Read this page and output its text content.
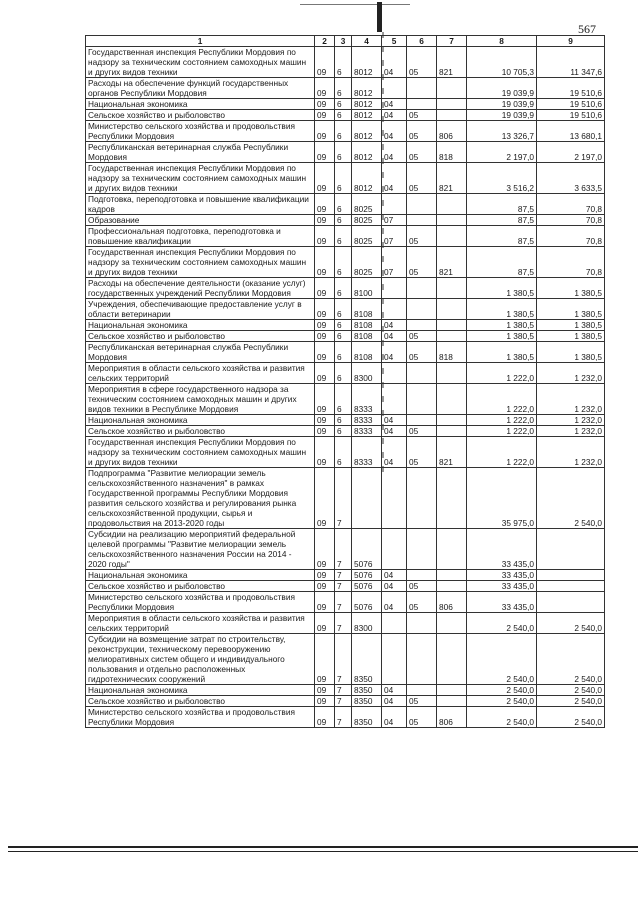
567
1	2	3	4	5	6	7	8	9
Государственная инспекция Республики Мордовия по надзору за техническим состоянием самоходных машин и других видов техники	09	6	8012	04	05	821	10 705,3	11 347,6
Расходы на обеспечение функций государственных органов Республики Мордовия	09	6	8012				19 039,9	19 510,6
Национальная экономика	09	6	8012	04			19 039,9	19 510,6
Сельское хозяйство и рыболовство	09	6	8012	04	05		19 039,9	19 510,6
Министерство сельского хозяйства и продовольствия Республики Мордовия	09	6	8012	04	05	806	13 326,7	13 680,1
Республиканская ветеринарная служба Республики Мордовия	09	6	8012	04	05	818	2 197,0	2 197,0
Государственная инспекция Республики Мордовия по надзору за техническим состоянием самоходных машин и других видов техники	09	6	8012	04	05	821	3 516,2	3 633,5
Подготовка, переподготовка и повышение квалификации кадров	09	6	8025				87,5	70,8
Образование	09	6	8025	07			87,5	70,8
Профессиональная подготовка, переподготовка и повышение квалификации	09	6	8025	07	05		87,5	70,8
Государственная инспекция Республики Мордовия по надзору за техническим состоянием самоходных машин и других видов техники	09	6	8025	07	05	821	87,5	70,8
Расходы на обеспечение деятельности (оказание услуг) государственных учреждений Республики Мордовия	09	6	8100				1 380,5	1 380,5
Учреждения, обеспечивающие предоставление услуг в области ветеринарии	09	6	8108				1 380,5	1 380,5
Национальная экономика	09	6	8108	04			1 380,5	1 380,5
Сельское хозяйство и рыболовство	09	6	8108	04	05		1 380,5	1 380,5
Республиканская ветеринарная служба Республики Мордовия	09	6	8108	04	05	818	1 380,5	1 380,5
Мероприятия в области сельского хозяйства и развития сельских территорий	09	6	8300				1 222,0	1 232,0
Мероприятия в сфере государственного надзора за техническим состоянием самоходных машин и других видов техники в Республике Мордовия	09	6	8333				1 222,0	1 232,0
Национальная экономика	09	6	8333	04			1 222,0	1 232,0
Сельское хозяйство и рыболовство	09	6	8333	04	05		1 222,0	1 232,0
Государственная инспекция Республики Мордовия по надзору за техническим состоянием самоходных машин и других видов техники	09	6	8333	04	05	821	1 222,0	1 232,0
Подпрограмма "Развитие мелиорации земель сельскохозяйственного назначения" в рамках Государственной программы Республики Мордовия развития сельского хозяйства и регулирования рынка сельскохозяйственной продукции, сырья и продовольствия на 2013-2020 годы	09	7					35 975,0	2 540,0
Субсидии на реализацию мероприятий федеральной целевой программы "Развитие мелиорации земель сельскохозяйственного назначения России на 2014 - 2020 годы"	09	7	5076				33 435,0	
Национальная экономика	09	7	5076	04			33 435,0	
Сельское хозяйство и рыболовство	09	7	5076	04	05		33 435,0	
Министерство сельского хозяйства и продовольствия Республики Мордовия	09	7	5076	04	05	806	33 435,0	
Мероприятия в области сельского хозяйства и развития сельских территорий	09	7	8300				2 540,0	2 540,0
Субсидии на возмещение затрат по строительству, реконструкции, техническому перевооружению мелиоративных систем общего и индивидуального пользования и отдельно расположенных гидротехнических сооружений	09	7	8350				2 540,0	2 540,0
Национальная экономика	09	7	8350	04			2 540,0	2 540,0
Сельское хозяйство и рыболовство	09	7	8350	04	05		2 540,0	2 540,0
Министерство сельского хозяйства и продовольствия Республики Мордовия	09	7	8350	04	05	806	2 540,0	2 540,0
